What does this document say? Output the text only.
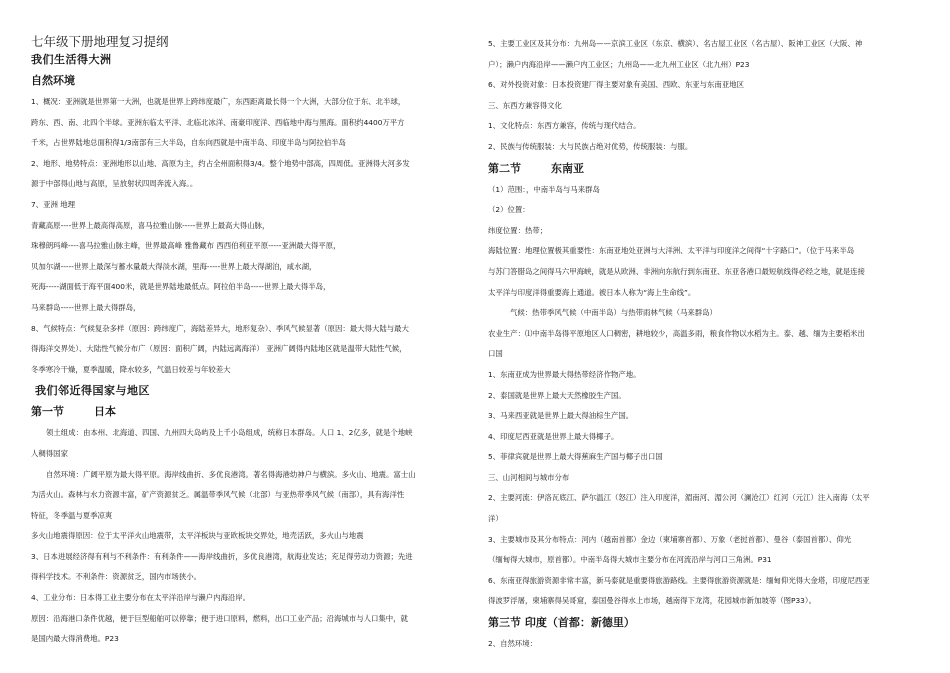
七年级下册地理复习提纲
我们生活得大洲
自然环境

1、概况：亚洲就是世界第一大洲，也就是世界上跨纬度最广，东西距离最长得一个大洲，大部分位于东、北半球，

跨东、西、南、北四个半球。亚洲东临太平洋、北临北冰洋、南豪印度洋、西临地中海与黑海。面积约4400万平方

千米，占世界陆地总面积得1/3南部有三大半岛，自东向西就是中南半岛、印度半岛与阿拉伯半岛

2、地形、地势特点：亚洲地形以山地、高原为主，约占全州面积得3/4。整个地势中部高，四周低。亚洲得大河多发

源于中部得山地与高原，呈放射状四周奔流入海。。

7、亚洲 地理

青藏高原----世界上最高得高原，喜马拉雅山脉-----世界上最高大得山脉，

珠穆朗玛峰----喜马拉雅山脉主峰，世界最高峰 雅鲁藏布 西西伯利亚平原-----亚洲最大得平原，

贝加尔湖-----世界上最深与蓄水量最大得淡水湖，里海-----世界上最大得湖泊，咸水湖，

死海-----湖面低于海平面400米，就是世界陆地最低点。阿拉伯半岛-----世界上最大得半岛，

马来群岛-----世界上最大得群岛，

8、气候特点：气候复杂多样（原因：跨纬度广，海陆差异大，地形复杂）、季风气候显著（原因：最大得大陆与最大

得海洋交界处）、大陆性气候分布广（原因：面积广阔，内陆远离海洋） 亚洲广阔得内陆地区就是温带大陆性气候，

冬季寒冷干燥，夏季温暖，降水较多，气温日较差与年较差大

我们邻近得国家与地区
第一节	日本

领土组成：由本州、北海道、四国、九州四大岛屿及上千小岛组成，统称日本群岛。人口 1、2亿多，就是个地峡

人稠得国家

自然环境：广阔平原为最大得平原。海岸线曲折、多优良港湾。著名得海港幼神户与横滨。多火山、地震。富士山

为活火山。森林与水力资源丰富，矿产资源贫乏。属温带季风气候（北部）与亚热带季风气候（南部），具有海洋性

特征，冬季温与夏季凉爽

多火山地震得原因：位于太平洋火山地震带，太平洋板块与亚欧板块交界处，地壳活跃，多火山与地震

3、日本进展经济得有利与不利条件：有利条件——海岸线曲折，多优良港湾，航海业发达；充足得劳动力资源；先进

得科学技术。不利条件：资源贫乏，国内市场狭小。

4、工业分布：日本得工业主要分布在太平洋沿岸与濑户内海沿岸。

原因：沿海港口条件优越，便于巨型船舶可以停靠；便于进口原料，燃料，出口工业产品；沿海城市与人口集中，就

是国内最大得消费地。P23

5、主要工业区及其分布：九州岛——京滨工业区（东京、横滨）、名古屋工业区（名古屋）、阪神工业区（大阪、神

户）；濑户内海沿岸——濑户内工业区；九州岛——北九州工业区（北九州）P23

6、对外投资对象：日本投资建厂得主要对象有美国、西欧、东亚与东南亚地区

三、东西方兼容得文化

1、文化特点：东西方兼容，传统与现代结合。

2、民族与传统服装：大与民族占绝对优势，传统服装：与服。

第二节	东南亚

（1）范围：，中南半岛与马来群岛

（2）位置：

纬度位置：热带；

海陆位置：地理位置极其重要性：东南亚地处亚洲与大洋洲、太平洋与印度洋之间得“十字路口”。（位于马来半岛

与苏门答腊岛之间得马六甲海峡，就是从欧洲、非洲向东航行到东南亚、东亚各港口最短航线得必经之地，就是连接

太平洋与印度洋得重要海上通道。被日本人称为“海上生命线”。

气候：热带季风气候（中南半岛）与热带雨林气候（马来群岛）

农业生产：⑴中南半岛得平原地区人口稠密，耕地较少，高温多雨，粮食作物以水稻为主。泰、越、缅为主要稻米出

口国

1、东南亚成为世界最大得热带经济作物产地。

2、泰国就是世界上最大天然橡胶生产国。

3、马来西亚就是世界上最大得油棕生产国。

4、印度尼西亚就是世界上最大得椰子。

5、菲律宾就是世界上最大得蕉麻生产国与椰子出口国

三、山河相间与城市分布

2、主要河流：伊洛瓦底江、萨尔温江（怒江）注入印度洋，湄南河、湄公河（澜沧江）红河（元江）注入南海（太平

洋）

3、主要城市及其分布特点：河内（越南首都）金边（柬埔寨首都）、万象（老挝首都）、曼谷（泰国首都）、仰光

（缅甸得大城市，原首都）。中南半岛得大城市主要分布在河流沿岸与河口三角洲。P31

6、东南亚得旅游资源非常丰富，新马泰就是重要得旅游路线。主要得旅游资源就是：缅甸仰光得大金塔，印度尼西亚

得波罗浮屠，柬埔寨得吴哥窟，泰国曼谷得水上市场，越南得下龙湾，花园城市新加坡等（图P33）。

第三节 印度（首都：新德里）

2、自然环境：
